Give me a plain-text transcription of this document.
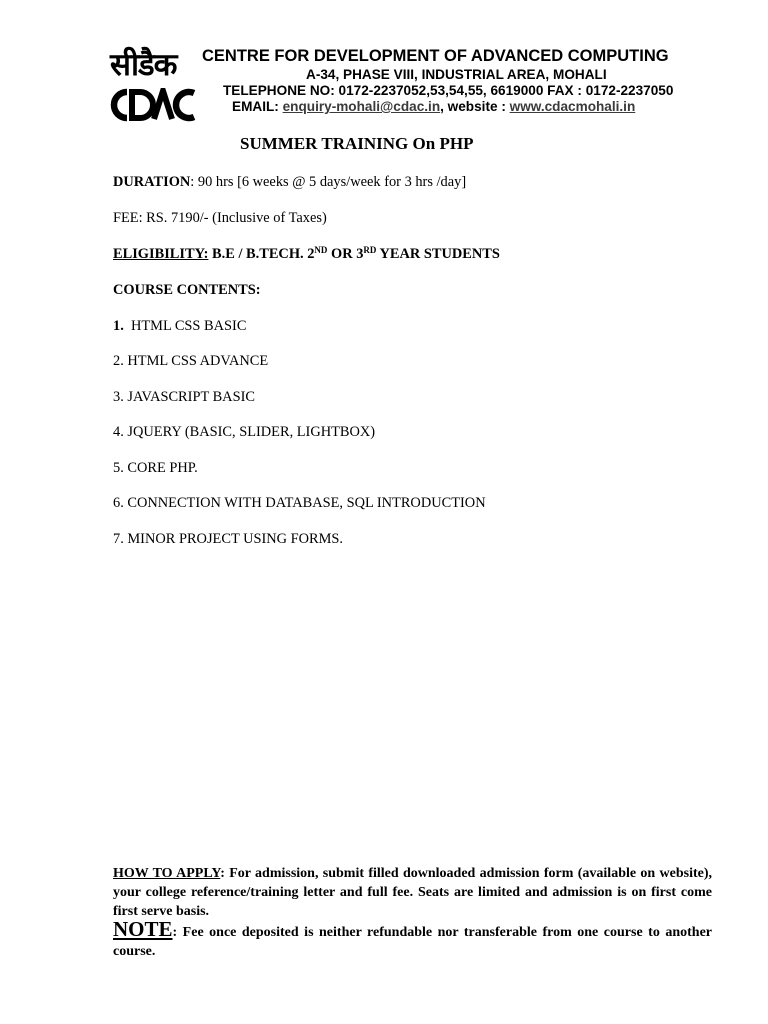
सीडैक CENTRE FOR DEVELOPMENT OF ADVANCED COMPUTING
A-34, PHASE VIII, INDUSTRIAL AREA, MOHALI
TELEPHONE NO: 0172-2237052,53,54,55, 6619000 FAX : 0172-2237050
EMAIL: enquiry-mohali@cdac.in, website : www.cdacmohali.in
SUMMER TRAINING On PHP
DURATION: 90 hrs [6 weeks @ 5 days/week for 3 hrs /day]
FEE: RS. 7190/- (Inclusive of Taxes)
ELIGIBILITY: B.E / B.TECH. 2ND OR 3RD YEAR STUDENTS
COURSE CONTENTS:
1.  HTML CSS BASIC
2. HTML CSS ADVANCE
3. JAVASCRIPT BASIC
4. JQUERY (BASIC, SLIDER, LIGHTBOX)
5. CORE PHP.
6. CONNECTION WITH DATABASE, SQL INTRODUCTION
7. MINOR PROJECT USING FORMS.
HOW TO APPLY: For admission, submit filled downloaded admission form (available on website), your college reference/training letter and full fee. Seats are limited and admission is on first come first serve basis.
NOTE: Fee once deposited is neither refundable nor transferable from one course to another course.
